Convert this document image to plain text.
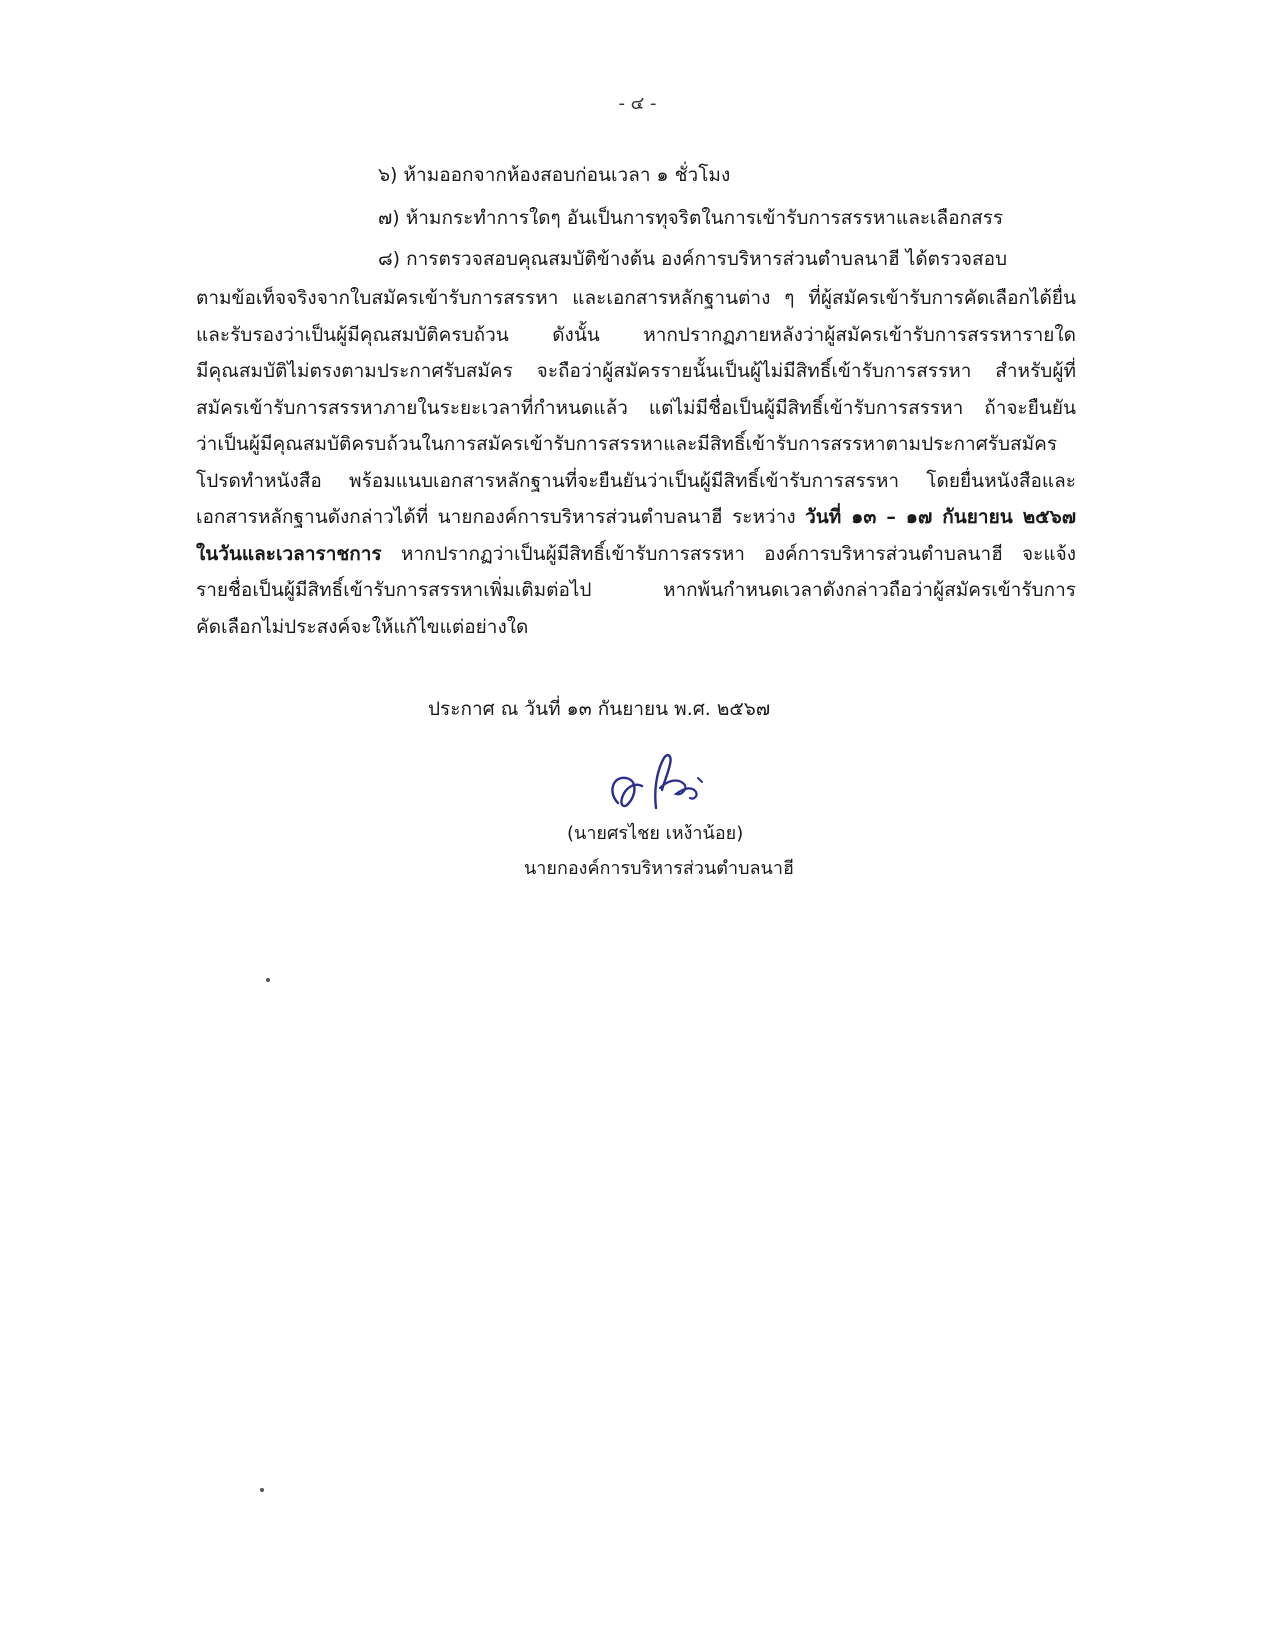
- ๔ -
๖) ห้ามออกจากห้องสอบก่อนเวลา ๑ ชั่วโมง
๗) ห้ามกระทำการใดๆ อันเป็นการทุจริตในการเข้ารับการสรรหาและเลือกสรร
๘) การตรวจสอบคุณสมบัติข้างต้น องค์การบริหารส่วนตำบลนาฮี ได้ตรวจสอบ
ตามข้อเท็จจริงจากใบสมัครเข้ารับการสรรหา และเอกสารหลักฐานต่าง ๆ ที่ผู้สมัครเข้ารับการคัดเลือกได้ยื่น
และรับรองว่าเป็นผู้มีคุณสมบัติครบถ้วน ดังนั้น หากปรากฏภายหลังว่าผู้สมัครเข้ารับการสรรหารายใด
มีคุณสมบัติไม่ตรงตามประกาศรับสมัคร จะถือว่าผู้สมัครรายนั้นเป็นผู้ไม่มีสิทธิ์เข้ารับการสรรหา สำหรับผู้ที่
สมัครเข้ารับการสรรหาภายในระยะเวลาที่กำหนดแล้ว แต่ไม่มีชื่อเป็นผู้มีสิทธิ์เข้ารับการสรรหา ถ้าจะยืนยัน
ว่าเป็นผู้มีคุณสมบัติครบถ้วนในการสมัครเข้ารับการสรรหาและมีสิทธิ์เข้ารับการสรรหาตามประกาศรับสมัคร
โปรดทำหนังสือ พร้อมแนบเอกสารหลักฐานที่จะยืนยันว่าเป็นผู้มีสิทธิ์เข้ารับการสรรหา โดยยื่นหนังสือและ
เอกสารหลักฐานดังกล่าวได้ที่ นายกองค์การบริหารส่วนตำบลนาฮี ระหว่าง วันที่ ๑๓ – ๑๗ กันยายน ๒๕๖๗
ในวันและเวลาราชการ หากปรากฏว่าเป็นผู้มีสิทธิ์เข้ารับการสรรหา องค์การบริหารส่วนตำบลนาฮี จะแจ้ง
รายชื่อเป็นผู้มีสิทธิ์เข้ารับการสรรหาเพิ่มเติมต่อไป หากพ้นกำหนดเวลาดังกล่าวถือว่าผู้สมัครเข้ารับการ
คัดเลือกไม่ประสงค์จะให้แก้ไขแต่อย่างใด
ประกาศ ณ วันที่ ๑๓ กันยายน พ.ศ. ๒๕๖๗
(นายศรไชย เหง้าน้อย)
นายกองค์การบริหารส่วนตำบลนาฮี
